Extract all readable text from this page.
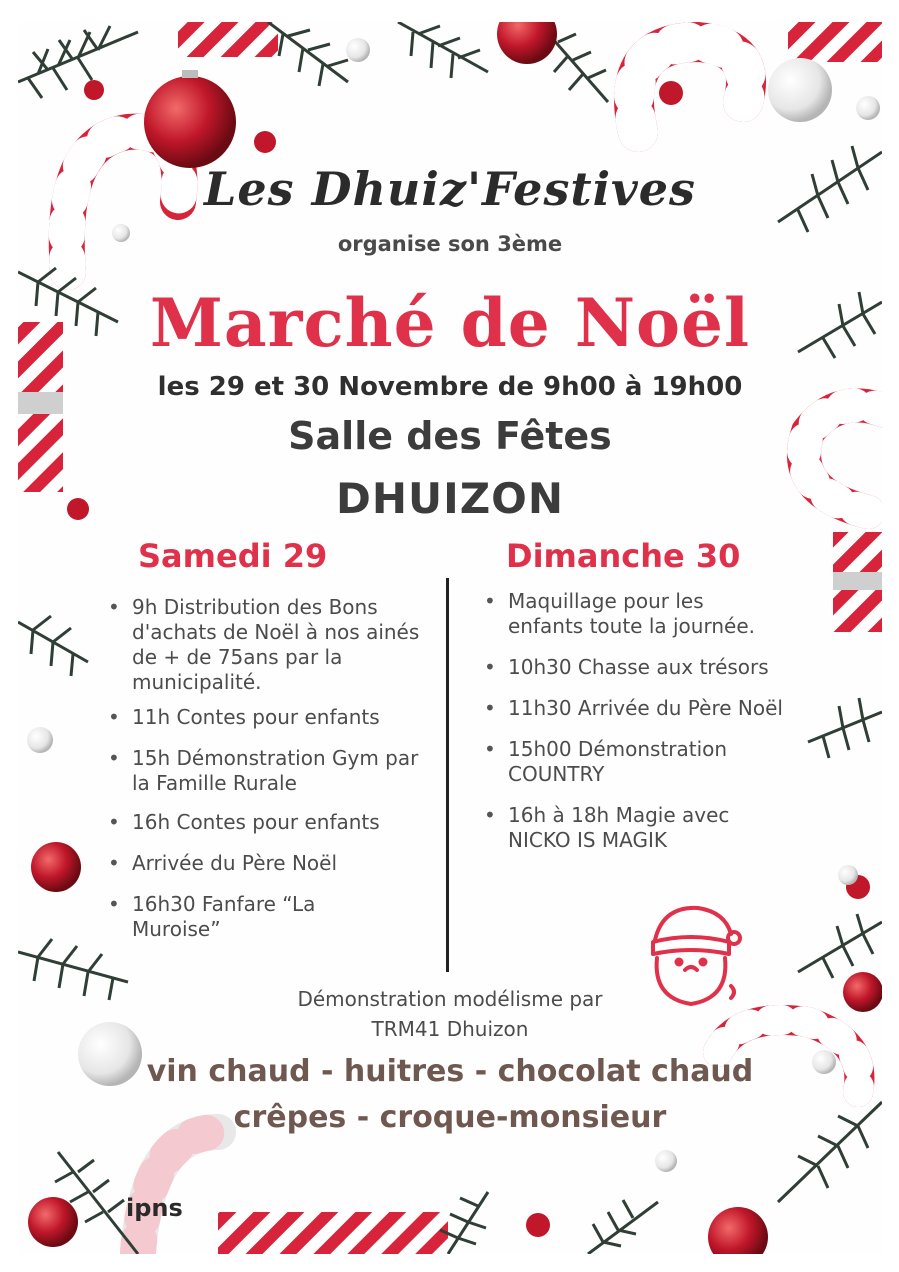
Les Dhuiz'Festives
organise son 3ème
Marché de Noël
les 29 et 30 Novembre de 9h00 à 19h00
Salle des Fêtes
DHUIZON
Samedi 29	Dimanche 30
• 9h Distribution des Bons d'achats de Noël à nos ainés de + de 75ans par la municipalité.
• 11h Contes pour enfants
• 15h Démonstration Gym par la Famille Rurale
• 16h Contes pour enfants
• Arrivée du Père Noël
• 16h30 Fanfare “La Muroise”
• Maquillage pour les enfants toute la journée.
• 10h30 Chasse aux trésors
• 11h30 Arrivée du Père Noël
• 15h00 Démonstration COUNTRY
• 16h à 18h Magie avec NICKO IS MAGIK
Démonstration modélisme par
TRM41 Dhuizon
vin chaud - huitres - chocolat chaud
crêpes - croque-monsieur
ipns
